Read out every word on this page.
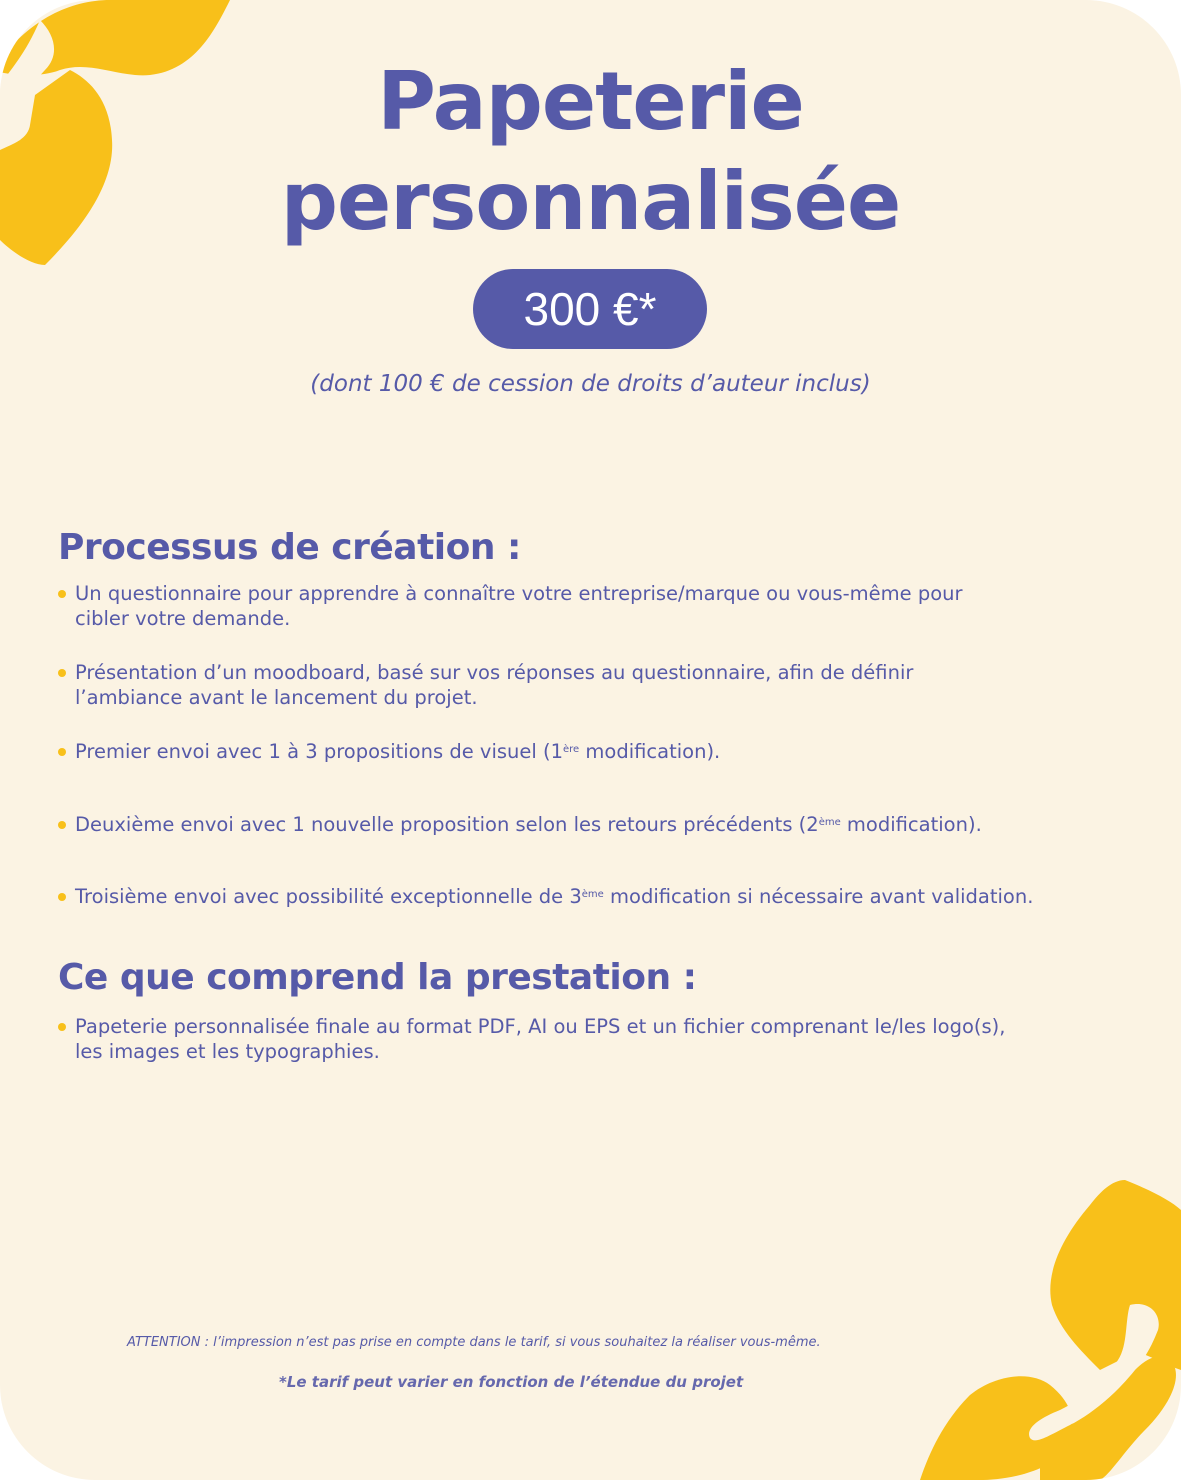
Papeterie
personnalisée
300 €*
(dont 100 € de cession de droits d’auteur inclus)
Processus de création :
Un questionnaire pour apprendre à connaître votre entreprise/marque ou vous-même pour
cibler votre demande.
Présentation d’un moodboard, basé sur vos réponses au questionnaire, afin de définir
l’ambiance avant le lancement du projet.
Premier envoi avec 1 à 3 propositions de visuel (1ère modification).
Deuxième envoi avec 1 nouvelle proposition selon les retours précédents (2ème modification).
Troisième envoi avec possibilité exceptionnelle de 3ème modification si nécessaire avant validation.
Ce que comprend la prestation :
Papeterie personnalisée finale au format PDF, AI ou EPS et un fichier comprenant le/les logo(s),
les images et les typographies.
ATTENTION : l’impression n’est pas prise en compte dans le tarif, si vous souhaitez la réaliser vous-même.
*Le tarif peut varier en fonction de l’étendue du projet
